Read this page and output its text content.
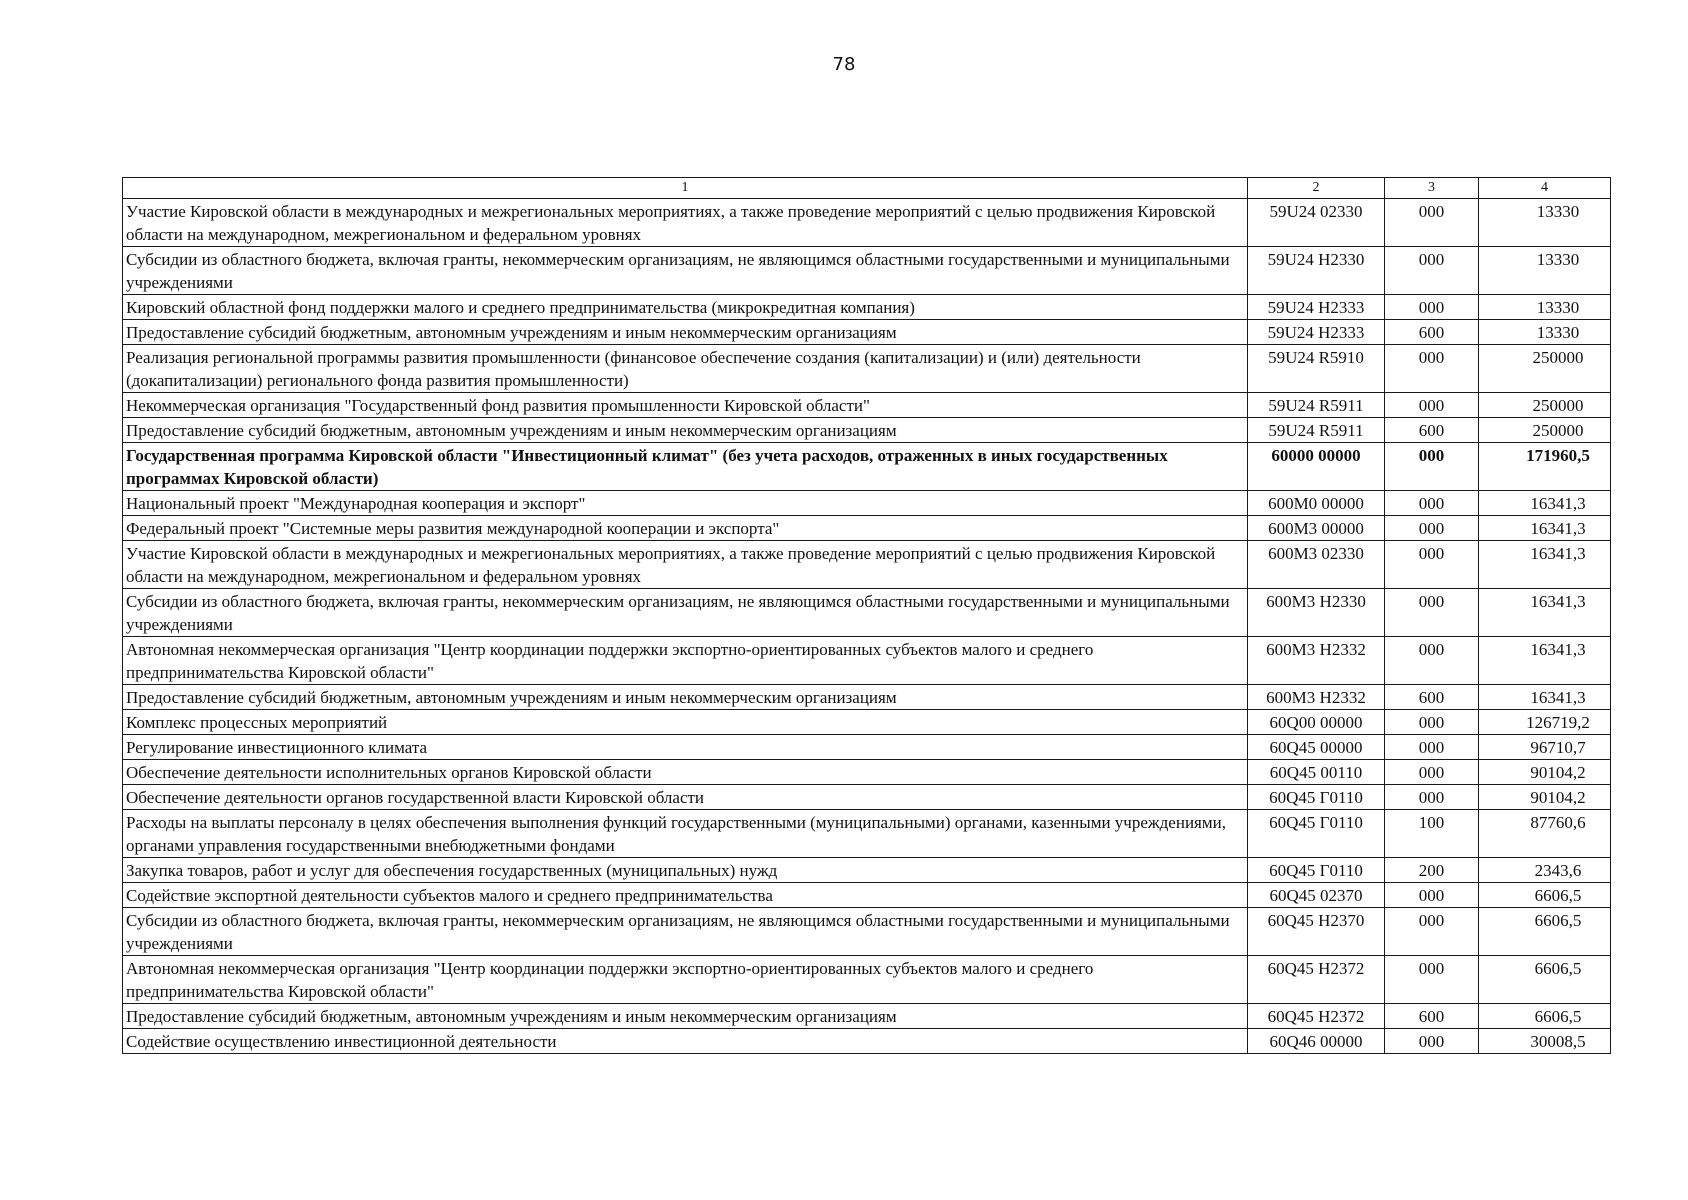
78
1	2	3	4
Участие Кировской области в международных и межрегиональных мероприятиях, а также проведение мероприятий с целью продвижения Кировской области на международном, межрегиональном и федеральном уровнях	59U24 02330	000	13330
Субсидии из областного бюджета, включая гранты, некоммерческим организациям, не являющимся областными государственными и муниципальными учреждениями	59U24 H2330	000	13330
Кировский областной фонд поддержки малого и среднего предпринимательства (микрокредитная компания)	59U24 H2333	000	13330
Предоставление субсидий бюджетным, автономным учреждениям и иным некоммерческим организациям	59U24 H2333	600	13330
Реализация региональной программы развития промышленности (финансовое обеспечение создания (капитализации) и (или) деятельности (докапитализации) регионального фонда развития промышленности)	59U24 R5910	000	250000
Некоммерческая организация "Государственный фонд развития промышленности Кировской области"	59U24 R5911	000	250000
Предоставление субсидий бюджетным, автономным учреждениям и иным некоммерческим организациям	59U24 R5911	600	250000
Государственная программа Кировской области "Инвестиционный климат" (без учета расходов, отраженных в иных государственных программах Кировской области)	60000 00000	000	171960,5
Национальный проект "Международная кооперация и экспорт"	600M0 00000	000	16341,3
Федеральный проект "Системные меры развития международной кооперации и экспорта"	600M3 00000	000	16341,3
Участие Кировской области в международных и межрегиональных мероприятиях, а также проведение мероприятий с целью продвижения Кировской области на международном, межрегиональном и федеральном уровнях	600M3 02330	000	16341,3
Субсидии из областного бюджета, включая гранты, некоммерческим организациям, не являющимся областными государственными и муниципальными учреждениями	600M3 H2330	000	16341,3
Автономная некоммерческая организация "Центр координации поддержки экспортно-ориентированных субъектов малого и среднего предпринимательства Кировской области"	600M3 H2332	000	16341,3
Предоставление субсидий бюджетным, автономным учреждениям и иным некоммерческим организациям	600M3 H2332	600	16341,3
Комплекс процессных мероприятий	60Q00 00000	000	126719,2
Регулирование инвестиционного климата	60Q45 00000	000	96710,7
Обеспечение деятельности исполнительных органов Кировской области	60Q45 00110	000	90104,2
Обеспечение деятельности органов государственной власти Кировской области	60Q45 Г0110	000	90104,2
Расходы на выплаты персоналу в целях обеспечения выполнения функций государственными (муниципальными) органами, казенными учреждениями, органами управления государственными внебюджетными фондами	60Q45 Г0110	100	87760,6
Закупка товаров, работ и услуг для обеспечения государственных (муниципальных) нужд	60Q45 Г0110	200	2343,6
Содействие экспортной деятельности субъектов малого и среднего предпринимательства	60Q45 02370	000	6606,5
Субсидии из областного бюджета, включая гранты, некоммерческим организациям, не являющимся областными государственными и муниципальными учреждениями	60Q45 H2370	000	6606,5
Автономная некоммерческая организация "Центр координации поддержки экспортно-ориентированных субъектов малого и среднего предпринимательства Кировской области"	60Q45 H2372	000	6606,5
Предоставление субсидий бюджетным, автономным учреждениям и иным некоммерческим организациям	60Q45 H2372	600	6606,5
Содействие осуществлению инвестиционной деятельности	60Q46 00000	000	30008,5
